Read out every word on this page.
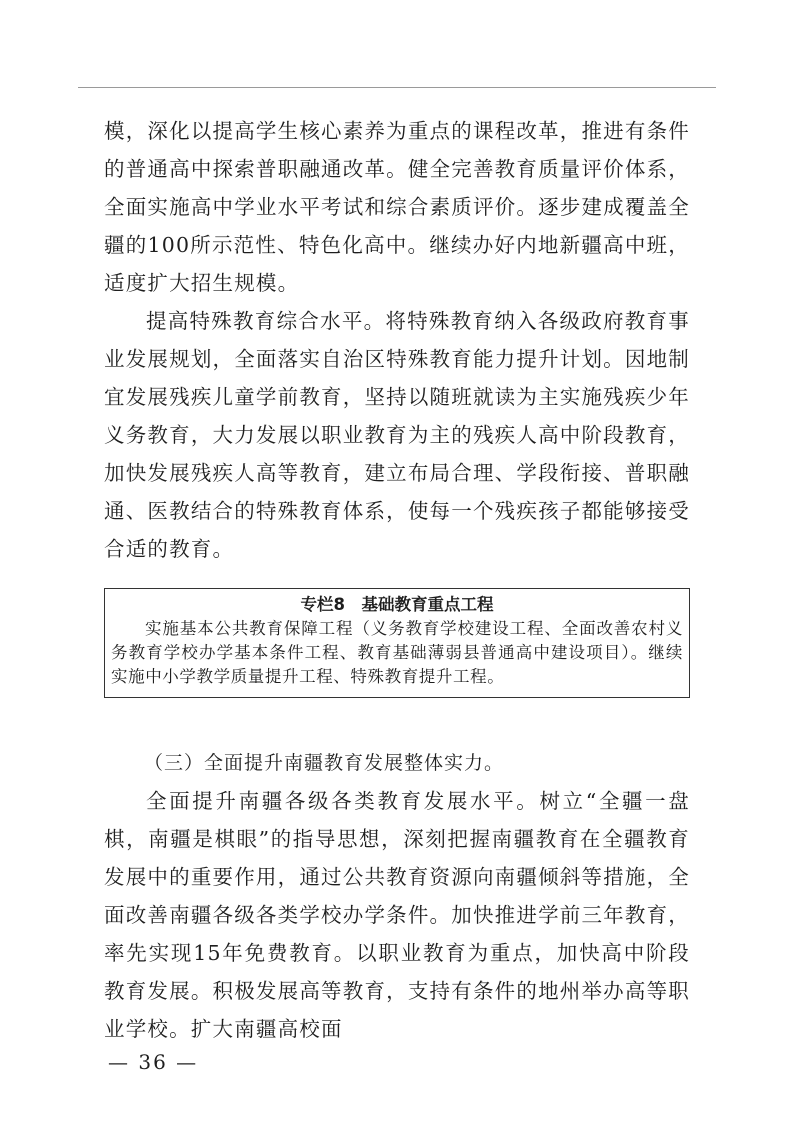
模，深化以提高学生核心素养为重点的课程改革，推进有条件的普通高中探索普职融通改革。健全完善教育质量评价体系，全面实施高中学业水平考试和综合素质评价。逐步建成覆盖全疆的100所示范性、特色化高中。继续办好内地新疆高中班，适度扩大招生规模。

提高特殊教育综合水平。将特殊教育纳入各级政府教育事业发展规划，全面落实自治区特殊教育能力提升计划。因地制宜发展残疾儿童学前教育，坚持以随班就读为主实施残疾少年义务教育，大力发展以职业教育为主的残疾人高中阶段教育，加快发展残疾人高等教育，建立布局合理、学段衔接、普职融通、医教结合的特殊教育体系，使每一个残疾孩子都能够接受合适的教育。

专栏8　基础教育重点工程

实施基本公共教育保障工程（义务教育学校建设工程、全面改善农村义务教育学校办学基本条件工程、教育基础薄弱县普通高中建设项目）。继续实施中小学教学质量提升工程、特殊教育提升工程。

（三）全面提升南疆教育发展整体实力。

全面提升南疆各级各类教育发展水平。树立“全疆一盘棋，南疆是棋眼”的指导思想，深刻把握南疆教育在全疆教育发展中的重要作用，通过公共教育资源向南疆倾斜等措施，全面改善南疆各级各类学校办学条件。加快推进学前三年教育，率先实现15年免费教育。以职业教育为重点，加快高中阶段教育发展。积极发展高等教育，支持有条件的地州举办高等职业学校。扩大南疆高校面

— 36 —
